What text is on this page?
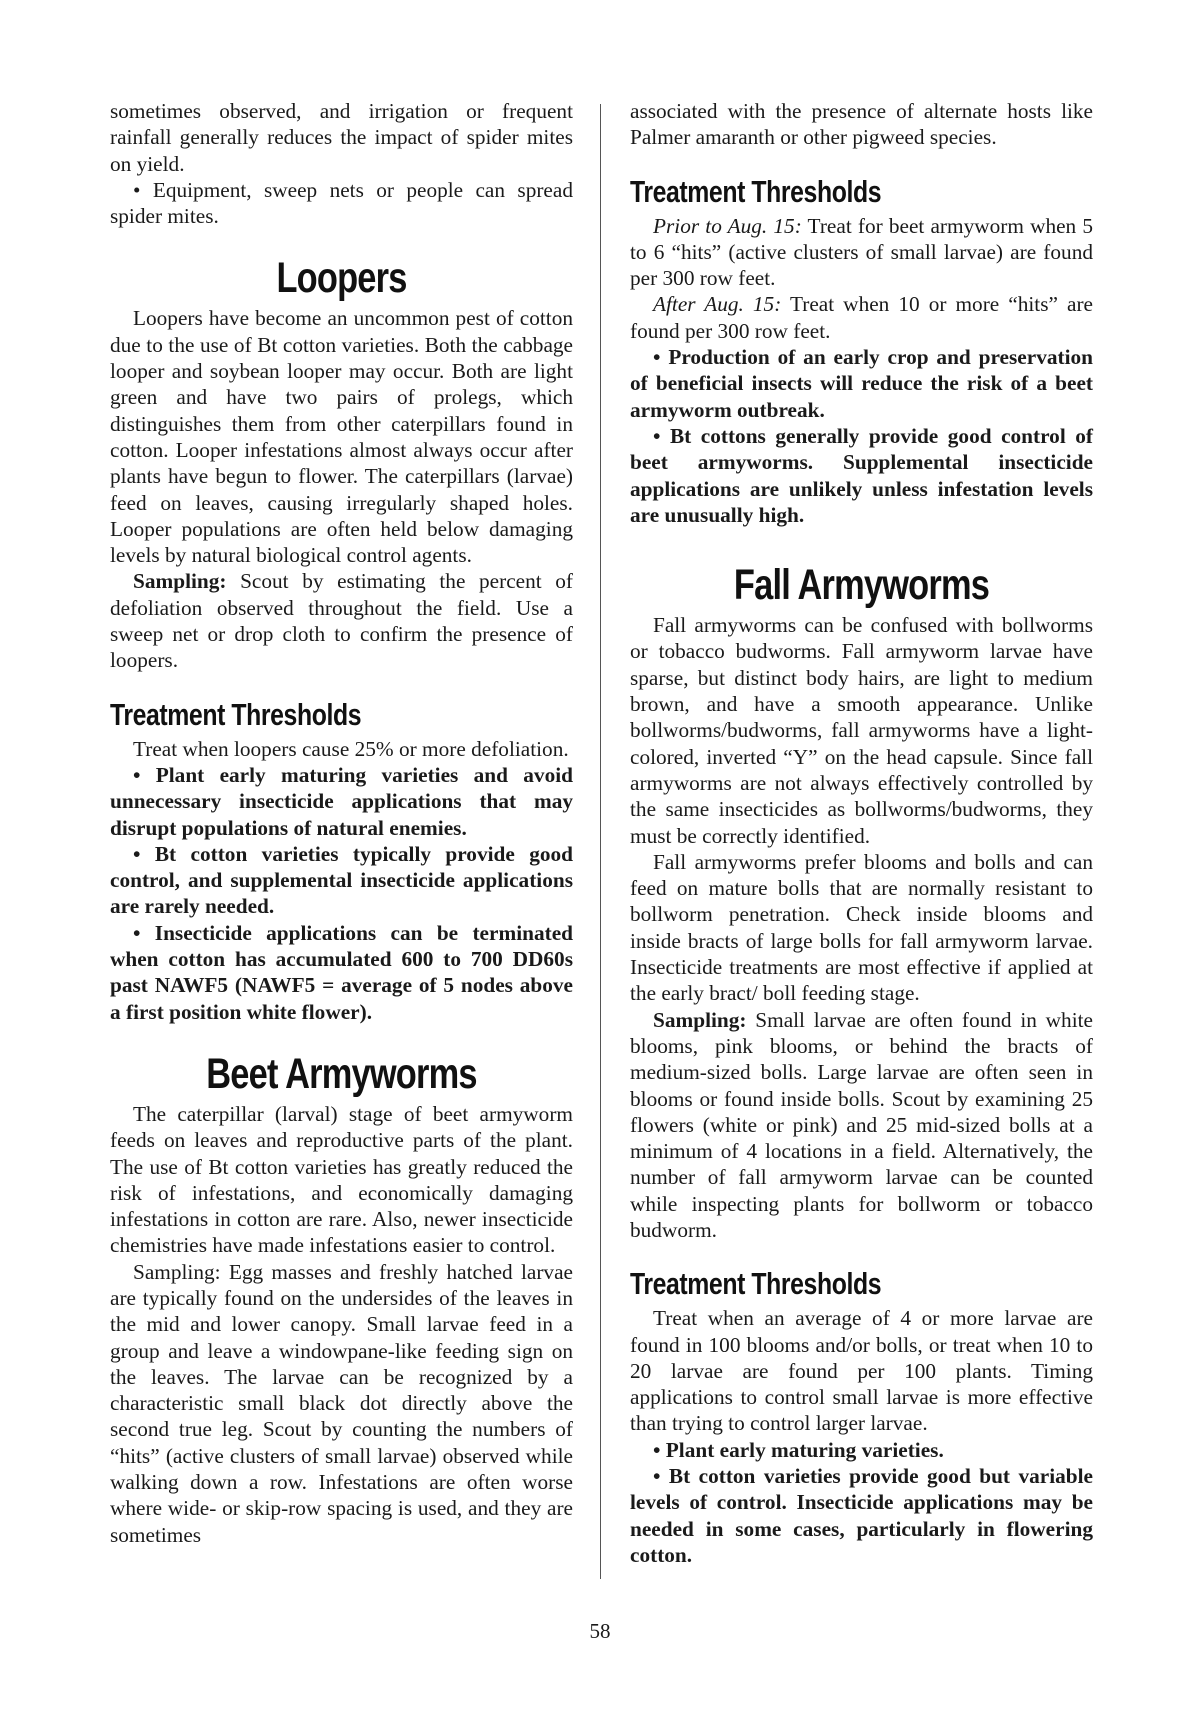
sometimes observed, and irrigation or frequent rainfall generally reduces the impact of spider mites on yield.

• Equipment, sweep nets or people can spread spider mites.

Loopers

Loopers have become an uncommon pest of cotton due to the use of Bt cotton varieties. Both the cabbage looper and soybean looper may occur. Both are light green and have two pairs of prolegs, which distinguishes them from other caterpillars found in cotton. Looper infestations almost always occur after plants have begun to flower. The caterpillars (larvae) feed on leaves, causing irregularly shaped holes. Looper populations are often held below damaging levels by natural biological control agents.

Sampling: Scout by estimating the percent of defoliation observed throughout the field. Use a sweep net or drop cloth to confirm the presence of loopers.

Treatment Thresholds

Treat when loopers cause 25% or more defoliation.

• Plant early maturing varieties and avoid unnecessary insecticide applications that may disrupt populations of natural enemies.

• Bt cotton varieties typically provide good control, and supplemental insecticide applications are rarely needed.

• Insecticide applications can be terminated when cotton has accumulated 600 to 700 DD60s past NAWF5 (NAWF5 = average of 5 nodes above a first position white flower).

Beet Armyworms

The caterpillar (larval) stage of beet armyworm feeds on leaves and reproductive parts of the plant. The use of Bt cotton varieties has greatly reduced the risk of infestations, and economically damaging infestations in cotton are rare. Also, newer insecticide chemistries have made infestations easier to control.

Sampling: Egg masses and freshly hatched larvae are typically found on the undersides of the leaves in the mid and lower canopy. Small larvae feed in a group and leave a windowpane-like feeding sign on the leaves. The larvae can be recognized by a characteristic small black dot directly above the second true leg. Scout by counting the numbers of “hits” (active clusters of small larvae) observed while walking down a row. Infestations are often worse where wide- or skip-row spacing is used, and they are sometimes

associated with the presence of alternate hosts like Palmer amaranth or other pigweed species.

Treatment Thresholds

Prior to Aug. 15: Treat for beet armyworm when 5 to 6 “hits” (active clusters of small larvae) are found per 300 row feet.

After Aug. 15: Treat when 10 or more “hits” are found per 300 row feet.

• Production of an early crop and preservation of beneficial insects will reduce the risk of a beet armyworm outbreak.

• Bt cottons generally provide good control of beet armyworms. Supplemental insecticide applications are unlikely unless infestation levels are unusually high.

Fall Armyworms

Fall armyworms can be confused with bollworms or tobacco budworms. Fall armyworm larvae have sparse, but distinct body hairs, are light to medium brown, and have a smooth appearance. Unlike bollworms/budworms, fall armyworms have a light-colored, inverted “Y” on the head capsule. Since fall armyworms are not always effectively controlled by the same insecticides as bollworms/budworms, they must be correctly identified.

Fall armyworms prefer blooms and bolls and can feed on mature bolls that are normally resistant to bollworm penetration. Check inside blooms and inside bracts of large bolls for fall armyworm larvae. Insecticide treatments are most effective if applied at the early bract/ boll feeding stage.

Sampling: Small larvae are often found in white blooms, pink blooms, or behind the bracts of medium-sized bolls. Large larvae are often seen in blooms or found inside bolls. Scout by examining 25 flowers (white or pink) and 25 mid-sized bolls at a minimum of 4 locations in a field. Alternatively, the number of fall armyworm larvae can be counted while inspecting plants for bollworm or tobacco budworm.

Treatment Thresholds

Treat when an average of 4 or more larvae are found in 100 blooms and/or bolls, or treat when 10 to 20 larvae are found per 100 plants. Timing applications to control small larvae is more effective than trying to control larger larvae.

• Plant early maturing varieties.

• Bt cotton varieties provide good but variable levels of control. Insecticide applications may be needed in some cases, particularly in flowering cotton.

58
